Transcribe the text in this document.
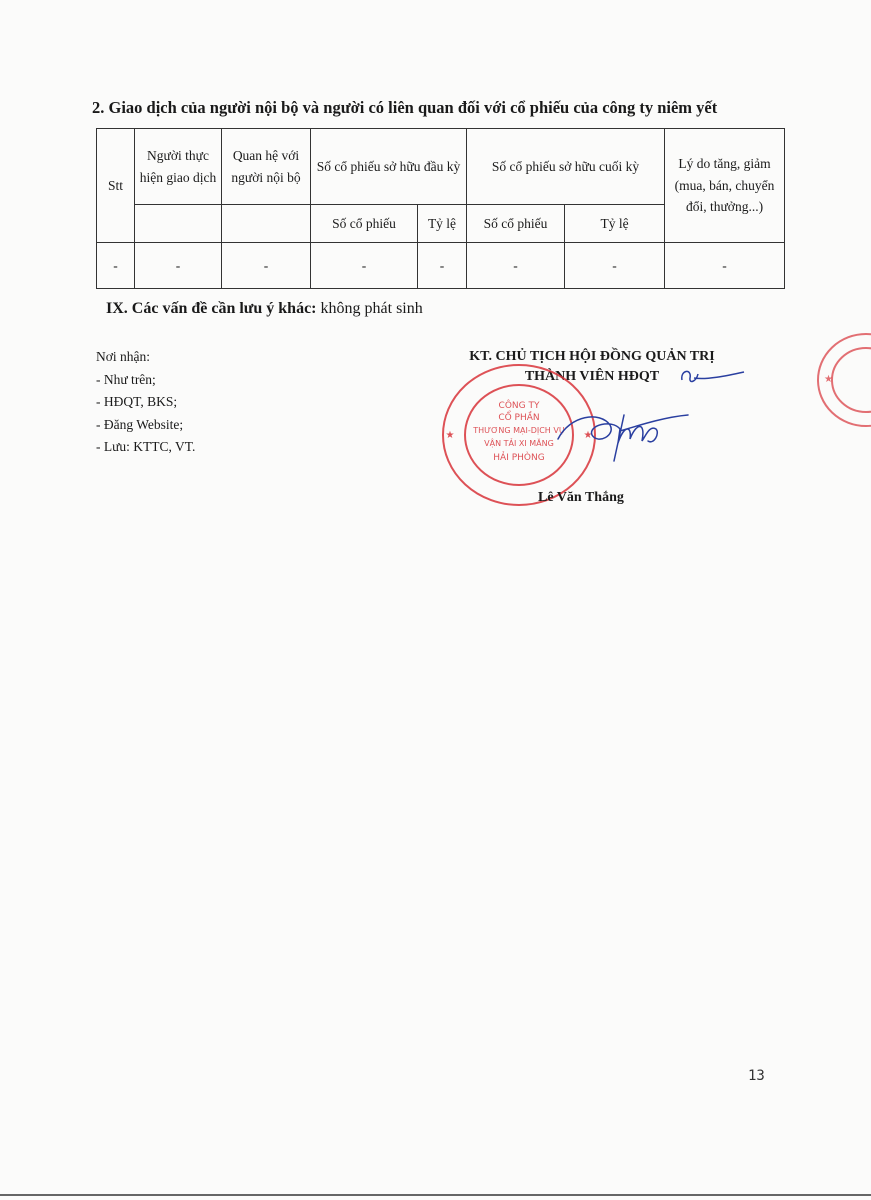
2. Giao dịch của người nội bộ và người có liên quan đối với cổ phiếu của công ty niêm yết
Stt	Người thực hiện giao dịch	Quan hệ với người nội bộ	Số cổ phiếu sở hữu đầu kỳ		Số cổ phiếu sở hữu cuối kỳ		Lý do tăng, giảm (mua, bán, chuyển đổi, thưởng...)
			Số cổ phiếu	Tỷ lệ	Số cổ phiếu	Tỷ lệ	
-	-	-	-	-	-	-	-
IX. Các vấn đề cần lưu ý khác: không phát sinh
Nơi nhận:
- Như trên;
- HĐQT, BKS;
- Đăng Website;
- Lưu: KTTC, VT.
KT. CHỦ TỊCH HỘI ĐỒNG QUẢN TRỊ
THÀNH VIÊN HĐQT
CÔNG TY
CỔ PHẦN
THƯƠNG MẠI-DỊCH VỤ
VẬN TẢI XI MĂNG
HẢI PHÒNG
★	★
★
Lê Văn Thắng
13
